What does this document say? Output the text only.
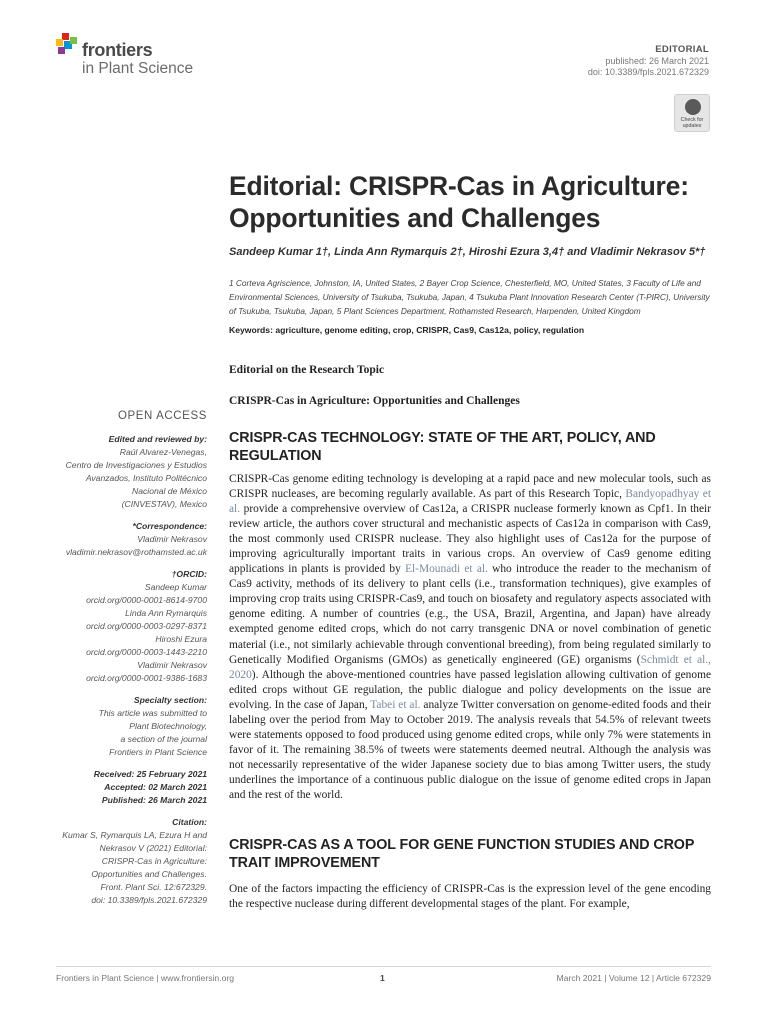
frontiers
in Plant Science
EDITORIAL
published: 26 March 2021
doi: 10.3389/fpls.2021.672329
Check for updates
Editorial: CRISPR-Cas in Agriculture: Opportunities and Challenges
Sandeep Kumar 1†, Linda Ann Rymarquis 2†, Hiroshi Ezura 3,4† and Vladimir Nekrasov 5*†
1 Corteva Agriscience, Johnston, IA, United States, 2 Bayer Crop Science, Chesterfield, MO, United States, 3 Faculty of Life and Environmental Sciences, University of Tsukuba, Tsukuba, Japan, 4 Tsukuba Plant Innovation Research Center (T-PIRC), University of Tsukuba, Tsukuba, Japan, 5 Plant Sciences Department, Rothamsted Research, Harpenden, United Kingdom
Keywords: agriculture, genome editing, crop, CRISPR, Cas9, Cas12a, policy, regulation
Editorial on the Research Topic
CRISPR-Cas in Agriculture: Opportunities and Challenges
OPEN ACCESS
Edited and reviewed by:
Raúl Alvarez-Venegas,
Centro de Investigaciones y Estudios
Avanzados, Instituto Politécnico
Nacional de México
(CINVESTAV), Mexico
*Correspondence:
Vladimir Nekrasov
vladimir.nekrasov@rothamsted.ac.uk
†ORCID:
Sandeep Kumar
orcid.org/0000-0001-8614-9700
Linda Ann Rymarquis
orcid.org/0000-0003-0297-8371
Hiroshi Ezura
orcid.org/0000-0003-1443-2210
Vladimir Nekrasov
orcid.org/0000-0001-9386-1683
Specialty section:
This article was submitted to
Plant Biotechnology,
a section of the journal
Frontiers in Plant Science
Received: 25 February 2021
Accepted: 02 March 2021
Published: 26 March 2021
Citation:
Kumar S, Rymarquis LA, Ezura H and
Nekrasov V (2021) Editorial:
CRISPR-Cas in Agriculture:
Opportunities and Challenges.
Front. Plant Sci. 12:672329.
doi: 10.3389/fpls.2021.672329
CRISPR-CAS TECHNOLOGY: STATE OF THE ART, POLICY, AND REGULATION
CRISPR-Cas genome editing technology is developing at a rapid pace and new molecular tools, such as CRISPR nucleases, are becoming regularly available. As part of this Research Topic, Bandyopadhyay et al. provide a comprehensive overview of Cas12a, a CRISPR nuclease formerly known as Cpf1. In their review article, the authors cover structural and mechanistic aspects of Cas12a in comparison with Cas9, the most commonly used CRISPR nuclease. They also highlight uses of Cas12a for the purpose of improving agriculturally important traits in various crops. An overview of Cas9 genome editing applications in plants is provided by El-Mounadi et al. who introduce the reader to the mechanism of Cas9 activity, methods of its delivery to plant cells (i.e., transformation techniques), give examples of improving crop traits using CRISPR-Cas9, and touch on biosafety and regulatory aspects associated with genome editing. A number of countries (e.g., the USA, Brazil, Argentina, and Japan) have already exempted genome edited crops, which do not carry transgenic DNA or novel combination of genetic material (i.e., not similarly achievable through conventional breeding), from being regulated similarly to Genetically Modified Organisms (GMOs) as genetically engineered (GE) organisms (Schmidt et al., 2020). Although the above-mentioned countries have passed legislation allowing cultivation of genome edited crops without GE regulation, the public dialogue and policy developments on the issue are evolving. In the case of Japan, Tabei et al. analyze Twitter conversation on genome-edited foods and their labeling over the period from May to October 2019. The analysis reveals that 54.5% of relevant tweets were statements opposed to food produced using genome edited crops, while only 7% were statements in favor of it. The remaining 38.5% of tweets were statements deemed neutral. Although the analysis was not necessarily representative of the wider Japanese society due to bias among Twitter users, the study underlines the importance of a continuous public dialogue on the issue of genome edited crops in Japan and the rest of the world.
CRISPR-CAS AS A TOOL FOR GENE FUNCTION STUDIES AND CROP TRAIT IMPROVEMENT
One of the factors impacting the efficiency of CRISPR-Cas is the expression level of the gene encoding the respective nuclease during different developmental stages of the plant. For example,
Frontiers in Plant Science | www.frontiersin.org	1	March 2021 | Volume 12 | Article 672329
